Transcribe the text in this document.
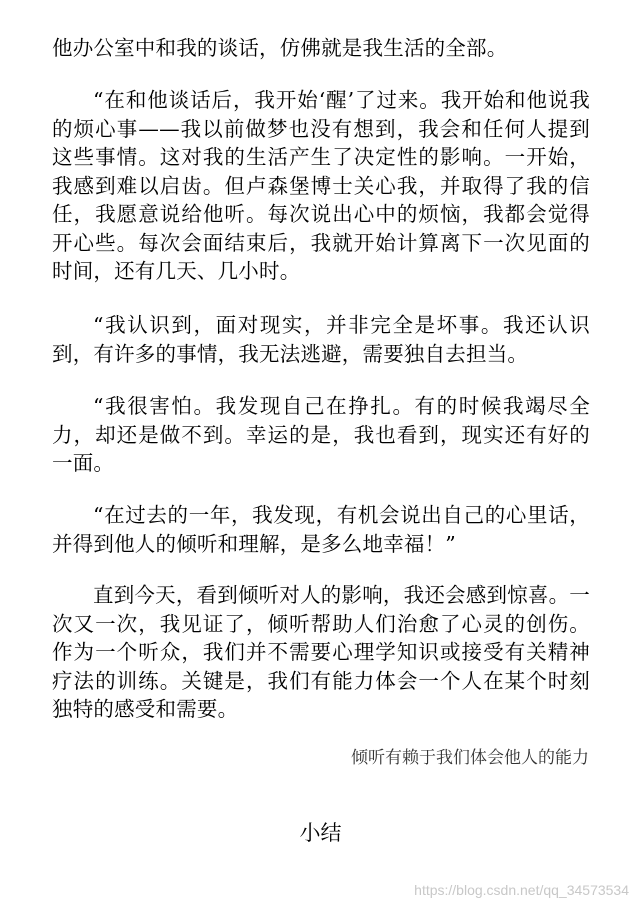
他办公室中和我的谈话，仿佛就是我生活的全部。

“在和他谈话后，我开始‘醒’了过来。我开始和他说我的烦心事——我以前做梦也没有想到，我会和任何人提到这些事情。这对我的生活产生了决定性的影响。一开始，我感到难以启齿。但卢森堡博士关心我，并取得了我的信任，我愿意说给他听。每次说出心中的烦恼，我都会觉得开心些。每次会面结束后，我就开始计算离下一次见面的时间，还有几天、几小时。

“我认识到，面对现实，并非完全是坏事。我还认识到，有许多的事情，我无法逃避，需要独自去担当。

“我很害怕。我发现自己在挣扎。有的时候我竭尽全力，却还是做不到。幸运的是，我也看到，现实还有好的一面。

“在过去的一年，我发现，有机会说出自己的心里话，并得到他人的倾听和理解，是多么地幸福！”

直到今天，看到倾听对人的影响，我还会感到惊喜。一次又一次，我见证了，倾听帮助人们治愈了心灵的创伤。作为一个听众，我们并不需要心理学知识或接受有关精神疗法的训练。关键是，我们有能力体会一个人在某个时刻独特的感受和需要。

倾听有赖于我们体会他人的能力

小结

https://blog.csdn.net/qq_34573534
